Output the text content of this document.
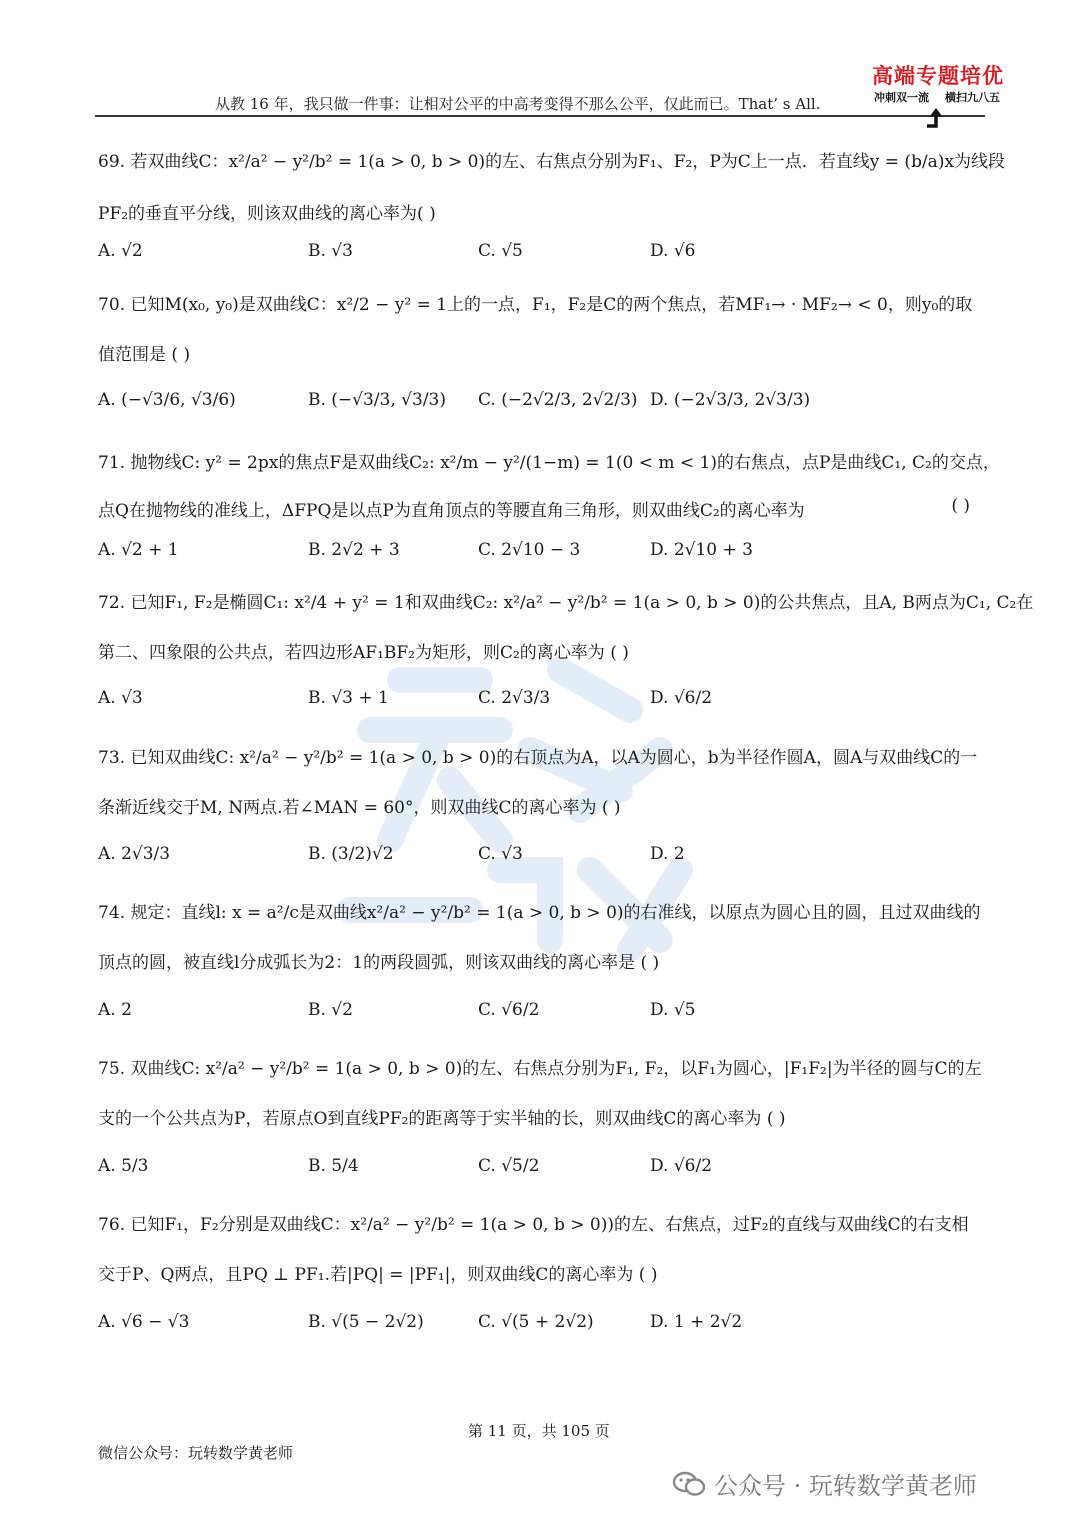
从教 16 年，我只做一件事：让相对公平的中高考变得不那么公平，仅此而已。That’ s All.
高端专题培优
冲刺双一流 横扫九八五
69. 若双曲线C：x²/a² − y²/b² = 1(a > 0, b > 0)的左、右焦点分别为F₁、F₂，P为C上一点．若直线y = (b/a)x为线段
PF₂的垂直平分线，则该双曲线的离心率为( )
A. √2	B. √3	C. √5	D. √6
70. 已知M(x₀, y₀)是双曲线C：x²/2 − y² = 1上的一点，F₁，F₂是C的两个焦点，若MF₁→ · MF₂→ < 0，则y₀的取
值范围是 ( )
A. (−√3/6, √3/6)	B. (−√3/3, √3/3) C. (−2√2/3, 2√2/3) D. (−2√3/3, 2√3/3)
71. 抛物线C: y² = 2px的焦点F是双曲线C₂: x²/m − y²/(1−m) = 1(0 < m < 1)的右焦点，点P是曲线C₁, C₂的交点，
点Q在抛物线的准线上，ΔFPQ是以点P为直角顶点的等腰直角三角形，则双曲线C₂的离心率为	( )
A. √2 + 1	B. 2√2 + 3	C. 2√10 − 3	D. 2√10 + 3
72. 已知F₁, F₂是椭圆C₁: x²/4 + y² = 1和双曲线C₂: x²/a² − y²/b² = 1(a > 0, b > 0)的公共焦点，且A, B两点为C₁, C₂在
第二、四象限的公共点，若四边形AF₁BF₂为矩形，则C₂的离心率为 ( )
A. √3	B. √3 + 1	C. 2√3/3	D. √6/2
73. 已知双曲线C: x²/a² − y²/b² = 1(a > 0, b > 0)的右顶点为A，以A为圆心，b为半径作圆A，圆A与双曲线C的一
条渐近线交于M, N两点.若∠MAN = 60°，则双曲线C的离心率为 ( )
A. 2√3/3	B. (3/2)√2	C. √3	D. 2
74. 规定：直线l: x = a²/c是双曲线x²/a² − y²/b² = 1(a > 0, b > 0)的右准线，以原点为圆心且的圆，且过双曲线的
顶点的圆，被直线l分成弧长为2：1的两段圆弧，则该双曲线的离心率是 ( )
A. 2	B. √2	C. √6/2	D. √5
75. 双曲线C: x²/a² − y²/b² = 1(a > 0, b > 0)的左、右焦点分别为F₁, F₂，以F₁为圆心，|F₁F₂|为半径的圆与C的左
支的一个公共点为P，若原点O到直线PF₂的距离等于实半轴的长，则双曲线C的离心率为 ( )
A. 5/3	B. 5/4	C. √5/2	D. √6/2
76. 已知F₁，F₂分别是双曲线C：x²/a² − y²/b² = 1(a > 0, b > 0))的左、右焦点，过F₂的直线与双曲线C的右支相
交于P、Q两点，且PQ ⊥ PF₁.若|PQ| = |PF₁|，则双曲线C的离心率为 ( )
A. √6 − √3	B. √(5 − 2√2)	C. √(5 + 2√2)	D. 1 + 2√2
第 11 页，共 105 页
微信公众号：玩转数学黄老师
公众号 · 玩转数学黄老师
